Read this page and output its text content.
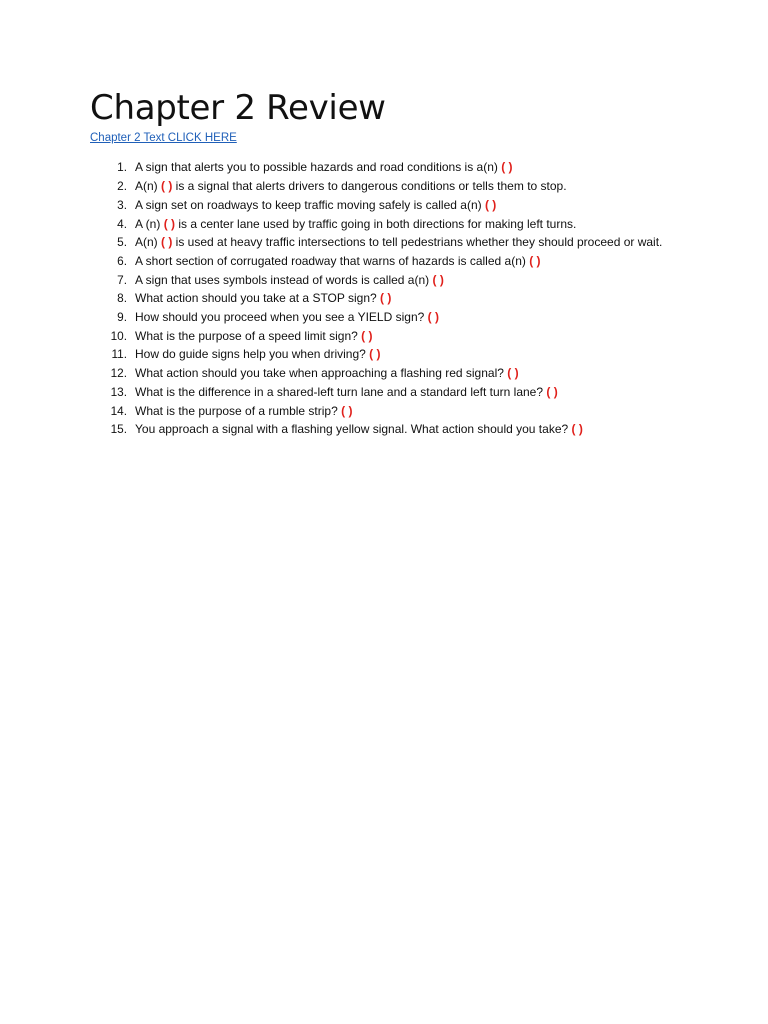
Chapter 2 Review
Chapter 2 Text CLICK HERE
1. A sign that alerts you to possible hazards and road conditions is a(n) ( )
2. A(n) ( ) is a signal that alerts drivers to dangerous conditions or tells them to stop.
3. A sign set on roadways to keep traffic moving safely is called a(n) ( )
4. A (n) ( ) is a center lane used by traffic going in both directions for making left turns.
5. A(n) ( ) is used at heavy traffic intersections to tell pedestrians whether they should proceed or wait.
6. A short section of corrugated roadway that warns of hazards is called a(n) ( )
7. A sign that uses symbols instead of words is called a(n) ( )
8. What action should you take at a STOP sign? ( )
9. How should you proceed when you see a YIELD sign? ( )
10. What is the purpose of a speed limit sign? ( )
11. How do guide signs help you when driving? ( )
12. What action should you take when approaching a flashing red signal? ( )
13. What is the difference in a shared-left turn lane and a standard left turn lane? ( )
14. What is the purpose of a rumble strip? ( )
15. You approach a signal with a flashing yellow signal. What action should you take? ( )
